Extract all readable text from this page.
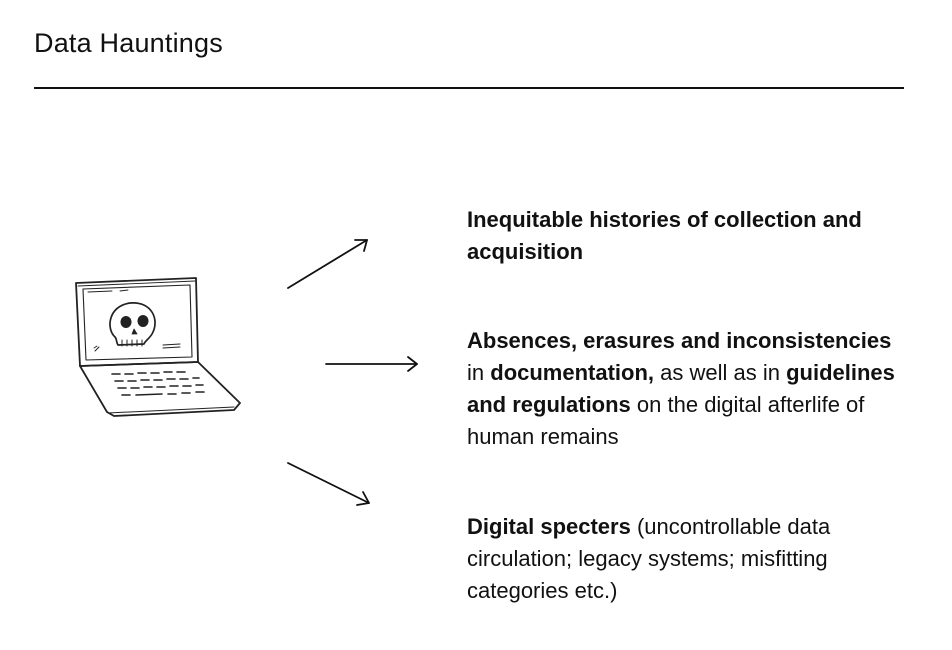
Data Hauntings

Inequitable histories of collection and acquisition

Absences, erasures and inconsistencies in documentation, as well as in guidelines and regulations on the digital afterlife of human remains

Digital specters (uncontrollable data circulation; legacy systems; misfitting categories etc.)
